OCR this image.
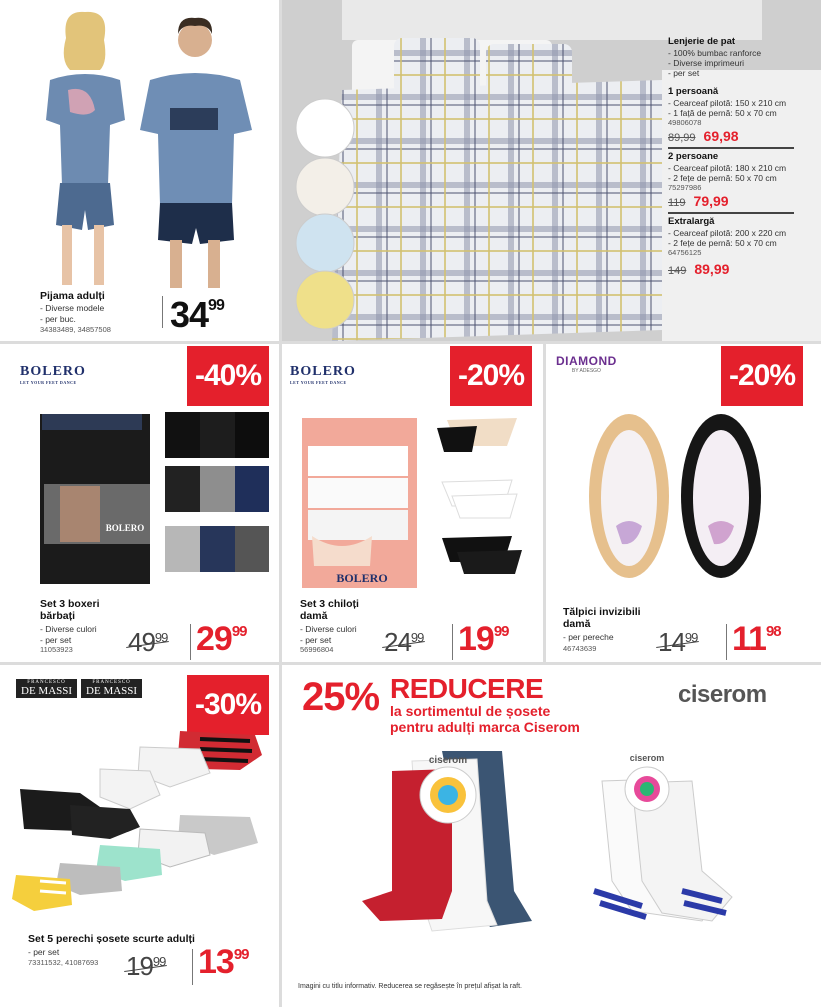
Pijama adulți
- Diverse modele
- per buc.
34383489, 34857508 $34^{99}$
Lenjerie de pat
- 100% bumbac ranforce
- Diverse imprimeuri
- per set
1 persoană
- Cearceaf pilotă: 150 x 210 cm
- 1 față de pernă: 50 x 70 cm
49806078
89,99 69,98
2 persoane
- Cearceaf pilotă: 180 x 210 cm
- 2 fețe de pernă: 50 x 70 cm
75297986
119 79,99
Extralargă
- Cearceaf pilotă: 200 x 220 cm
- 2 fețe de pernă: 50 x 70 cm
64756125
149 89,99
BOLERO
LET YOUR FEET DANCE	-40%
BOLERO
Set 3 boxeri bărbați
- Diverse culori
- per set
11053923 $49^{99}$ $29^{99}$
BOLERO
LET YOUR FEET DANCE	-20%
BOLERO
Set 3 chiloți damă
- Diverse culori
- per set
56996804 $24^{99}$ $19^{99}$
DIAMOND
BY ADESGO	-20%
Tălpici invizibili damă
- per pereche
46743639 $14^{99}$ $11^{98}$
FRANCESCO
DE MASSI
FRANCESCO
DE MASSI -30%
Set 5 perechi șosete scurte adulți
- per set
73311532, 41087693 $19^{99}$ $13^{99}$
25% REDUCERE
la sortimentul de șosete
pentru adulți marca Ciserom
ciserom
ciserom	ciserom
Imagini cu titlu informativ. Reducerea se regăsește în prețul afișat la raft.
